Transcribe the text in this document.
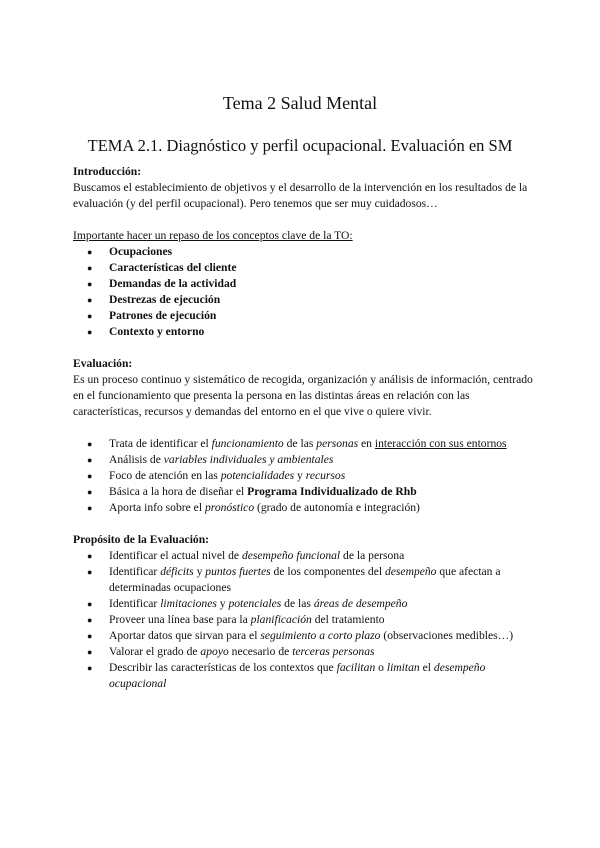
Tema 2 Salud Mental
TEMA 2.1. Diagnóstico y perfil ocupacional. Evaluación en SM

Introducción:

Buscamos el establecimiento de objetivos y el desarrollo de la intervención en los resultados de la evaluación (y del perfil ocupacional). Pero tenemos que ser muy cuidadosos…

Importante hacer un repaso de los conceptos clave de la TO:

● Ocupaciones
● Características del cliente
● Demandas de la actividad
● Destrezas de ejecución
● Patrones de ejecución
● Contexto y entorno

Evaluación:

Es un proceso continuo y sistemático de recogida, organización y análisis de información, centrado en el funcionamiento que presenta la persona en las distintas áreas en relación con las características, recursos y demandas del entorno en el que vive o quiere vivir.

● Trata de identificar el funcionamiento de las personas en interacción con sus entornos
● Análisis de variables individuales y ambientales
● Foco de atención en las potencialidades y recursos
● Básica a la hora de diseñar el Programa Individualizado de Rhb
● Aporta info sobre el pronóstico (grado de autonomía e integración)

Propósito de la Evaluación:

● Identificar el actual nivel de desempeño funcional de la persona
● Identificar déficits y puntos fuertes de los componentes del desempeño que afectan a determinadas ocupaciones
● Identificar limitaciones y potenciales de las áreas de desempeño
● Proveer una línea base para la planificación del tratamiento
● Aportar datos que sirvan para el seguimiento a corto plazo (observaciones medibles…)
● Valorar el grado de apoyo necesario de terceras personas
● Describir las características de los contextos que facilitan o limitan el desempeño ocupacional
